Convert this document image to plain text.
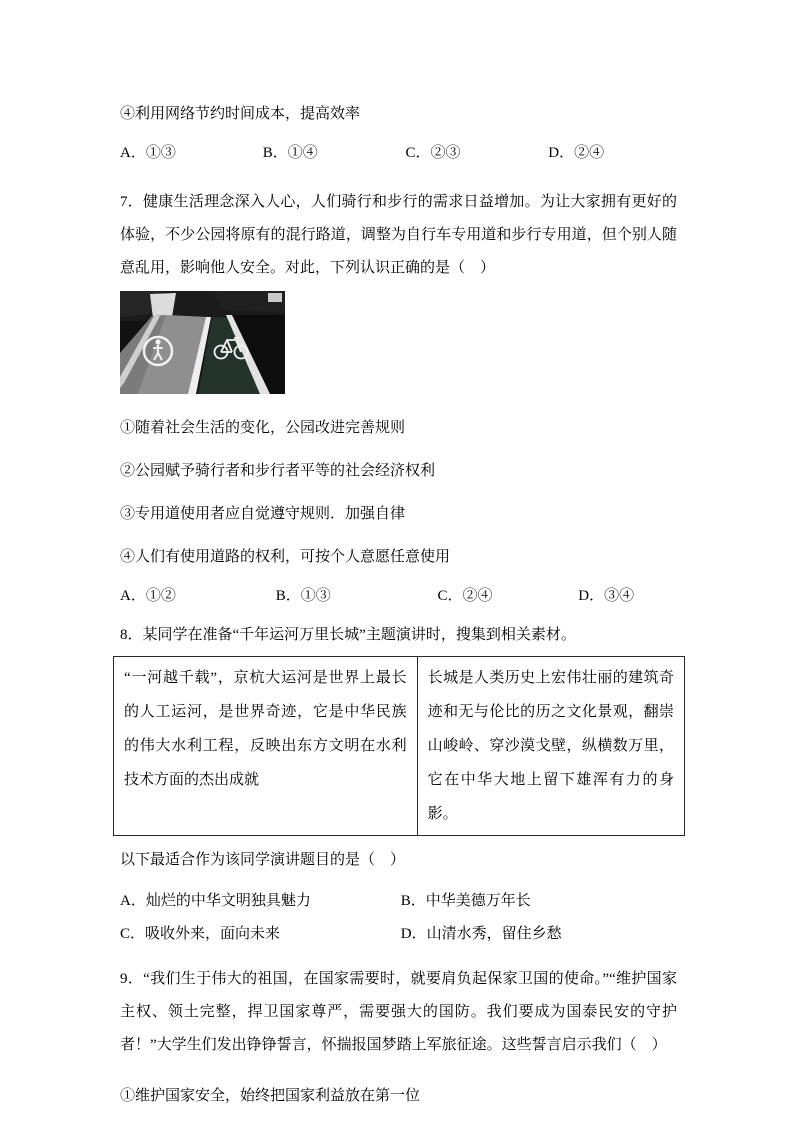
④利用网络节约时间成本，提高效率

A．①③	B．①④	C．②③	D．②④

7．健康生活理念深入人心，人们骑行和步行的需求日益增加。为让大家拥有更好的体验，不少公园将原有的混行路道，调整为自行车专用道和步行专用道，但个别人随意乱用，影响他人安全。对此，下列认识正确的是（　）

①随着社会生活的变化，公园改进完善规则

②公园赋予骑行者和步行者平等的社会经济权利

③专用道使用者应自觉遵守规则．加强自律

④人们有使用道路的权利，可按个人意愿任意使用

A．①②	B．①③	C．②④	D．③④

8．某同学在准备“千年运河万里长城”主题演讲时，搜集到相关素材。

“一河越千载”，京杭大运河是世界上最长的人工运河，是世界奇迹，它是中华民族的伟大水利工程，反映出东方文明在水利技术方面的杰出成就	长城是人类历史上宏伟壮丽的建筑奇迹和无与伦比的历之文化景观，翻崇山峻岭、穿沙漠戈壁，纵横数万里，它在中华大地上留下雄浑有力的身影。

以下最适合作为该同学演讲题目的是（　）

A．灿烂的中华文明独具魅力	B．中华美德万年长
C．吸收外来，面向未来	D．山清水秀，留住乡愁

9．“我们生于伟大的祖国，在国家需要时，就要肩负起保家卫国的使命。”“维护国家主权、领土完整，捍卫国家尊严，需要强大的国防。我们要成为国泰民安的守护者！”大学生们发出铮铮誓言，怀揣报国梦踏上军旅征途。这些誓言启示我们（　）

①维护国家安全，始终把国家利益放在第一位
